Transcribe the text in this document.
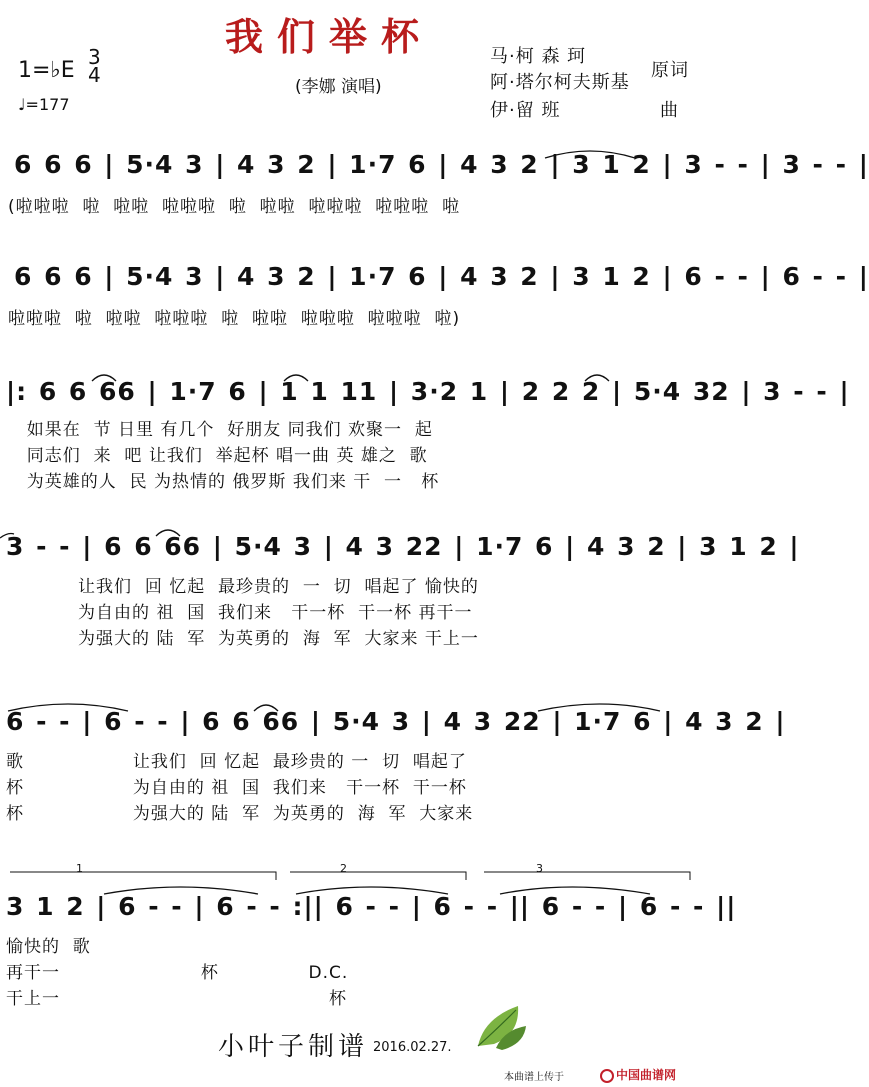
我们举杯
1=♭E
3
4
♩=177
(李娜 演唱)
马·柯 森 珂
阿·塔尔柯夫斯基
原词
伊·留 班	曲
6 6 6 | 5·4 3 | 4 3 2 | 1·7 6 | 4 3 2 | 3 1 2 | 3 - - | 3 - - |
(啦啦啦  啦  啦啦  啦啦啦  啦  啦啦  啦啦啦  啦啦啦  啦
6 6 6 | 5·4 3 | 4 3 2 | 1·7 6 | 4 3 2 | 3 1 2 | 6 - - | 6 - - |
啦啦啦  啦  啦啦  啦啦啦  啦  啦啦  啦啦啦  啦啦啦  啦)
|: 6 6 66 | 1·7 6 | 1 1 11 | 3·2 1 | 2 2 2 | 5·4 32 | 3 - - |
如果在  节 日里 有几个  好朋友 同我们 欢聚一  起
同志们  来  吧 让我们  举起杯 唱一曲 英 雄之  歌
为英雄的人  民 为热情的 俄罗斯 我们来 干  一   杯
3 - - | 6 6 66 | 5·4 3 | 4 3 22 | 1·7 6 | 4 3 2 | 3 1 2 |
让我们  回 忆起  最珍贵的  一  切  唱起了 愉快的
为自由的 祖  国  我们来   干一杯  干一杯 再干一
为强大的 陆  军  为英勇的  海  军  大家来 干上一
6 - - | 6 - - | 6 6 66 | 5·4 3 | 4 3 22 | 1·7 6 | 4 3 2 |
歌                 让我们  回 忆起  最珍贵的 一  切  唱起了
杯                 为自由的 祖  国  我们来   干一杯  干一杯
杯                 为强大的 陆  军  为英勇的  海  军  大家来
1	2	3
3 1 2 | 6 - - | 6 - - :|| 6 - - | 6 - - || 6 - - | 6 - - ||
愉快的  歌
再干一                      杯              D.C.
干上一                                          杯
小叶子制谱 2016.02.27.
本曲谱上传于	中国曲谱网
